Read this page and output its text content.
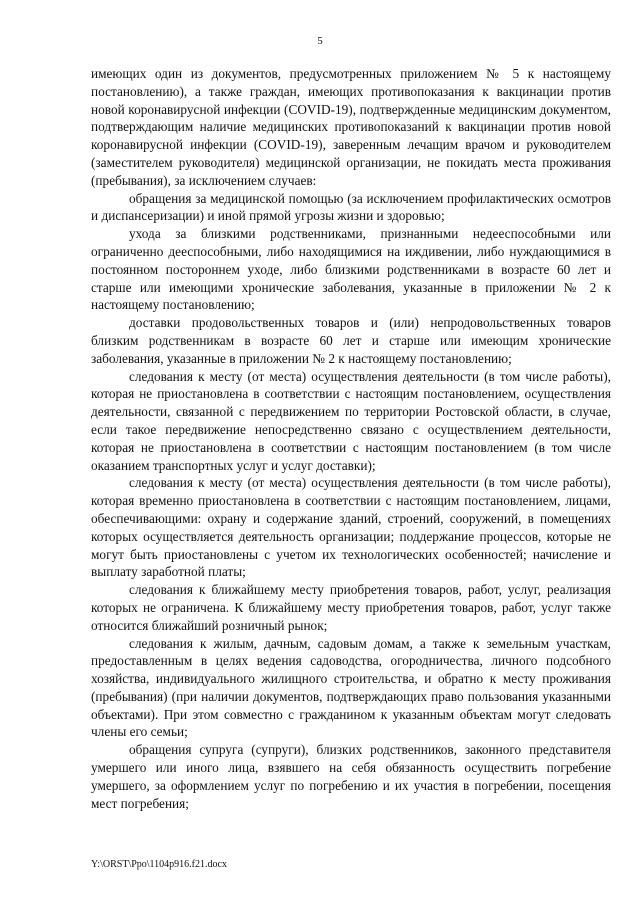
5

имеющих один из документов, предусмотренных приложением № 5 к настоящему постановлению), а также граждан, имеющих противопоказания к вакцинации против новой коронавирусной инфекции (COVID-19), подтвержденные медицинским документом, подтверждающим наличие медицинских противопоказаний к вакцинации против новой коронавирусной инфекции (COVID-19), заверенным лечащим врачом и руководителем (заместителем руководителя) медицинской организации, не покидать места проживания (пребывания), за исключением случаев:

обращения за медицинской помощью (за исключением профилактических осмотров и диспансеризации) и иной прямой угрозы жизни и здоровью;

ухода за близкими родственниками, признанными недееспособными или ограниченно дееспособными, либо находящимися на иждивении, либо нуждающимися в постоянном постороннем уходе, либо близкими родственниками в возрасте 60 лет и старше или имеющими хронические заболевания, указанные в приложении № 2 к настоящему постановлению;

доставки продовольственных товаров и (или) непродовольственных товаров близким родственникам в возрасте 60 лет и старше или имеющим хронические заболевания, указанные в приложении № 2 к настоящему постановлению;

следования к месту (от места) осуществления деятельности (в том числе работы), которая не приостановлена в соответствии с настоящим постановлением, осуществления деятельности, связанной с передвижением по территории Ростовской области, в случае, если такое передвижение непосредственно связано с осуществлением деятельности, которая не приостановлена в соответствии с настоящим постановлением (в том числе оказанием транспортных услуг и услуг доставки);

следования к месту (от места) осуществления деятельности (в том числе работы), которая временно приостановлена в соответствии с настоящим постановлением, лицами, обеспечивающими: охрану и содержание зданий, строений, сооружений, в помещениях которых осуществляется деятельность организации; поддержание процессов, которые не могут быть приостановлены с учетом их технологических особенностей; начисление и выплату заработной платы;

следования к ближайшему месту приобретения товаров, работ, услуг, реализация которых не ограничена. К ближайшему месту приобретения товаров, работ, услуг также относится ближайший розничный рынок;

следования к жилым, дачным, садовым домам, а также к земельным участкам, предоставленным в целях ведения садоводства, огородничества, личного подсобного хозяйства, индивидуального жилищного строительства, и обратно к месту проживания (пребывания) (при наличии документов, подтверждающих право пользования указанными объектами). При этом совместно с гражданином к указанным объектам могут следовать члены его семьи;

обращения супруга (супруги), близких родственников, законного представителя умершего или иного лица, взявшего на себя обязанность осуществить погребение умершего, за оформлением услуг по погребению и их участия в погребении, посещения мест погребения;

Y:\ORST\Ppo\1104p916.f21.docx
